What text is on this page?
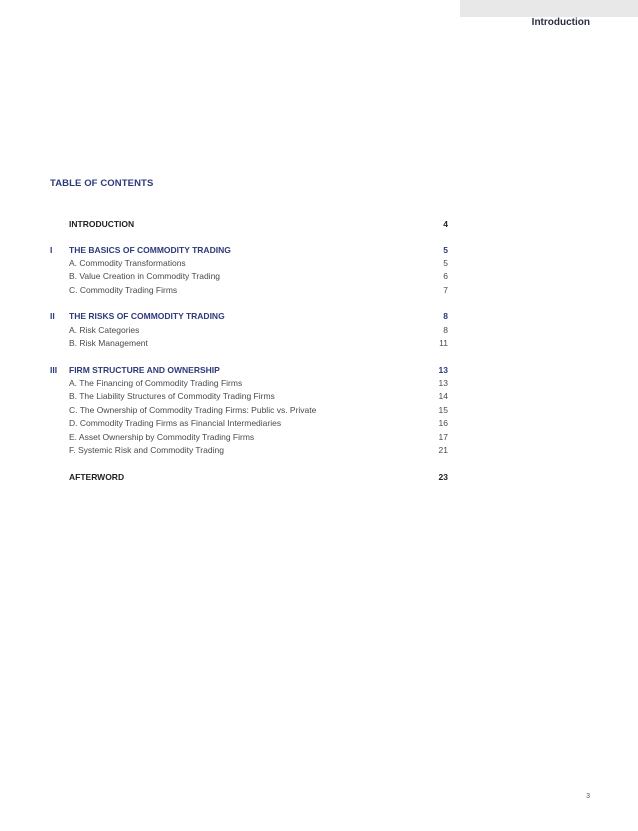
Introduction
TABLE OF CONTENTS
INTRODUCTION	4
I THE BASICS OF COMMODITY TRADING	5
A. Commodity Transformations	5
B. Value Creation in Commodity Trading	6
C. Commodity Trading Firms	7
II THE RISKS OF COMMODITY TRADING	8
A. Risk Categories	8
B. Risk Management	11
III FIRM STRUCTURE AND OWNERSHIP	13
A. The Financing of Commodity Trading Firms	13
B. The Liability Structures of Commodity Trading Firms	14
C. The Ownership of Commodity Trading Firms: Public vs. Private	15
D. Commodity Trading Firms as Financial Intermediaries	16
E. Asset Ownership by Commodity Trading Firms	17
F. Systemic Risk and Commodity Trading	21
AFTERWORD	23
3
